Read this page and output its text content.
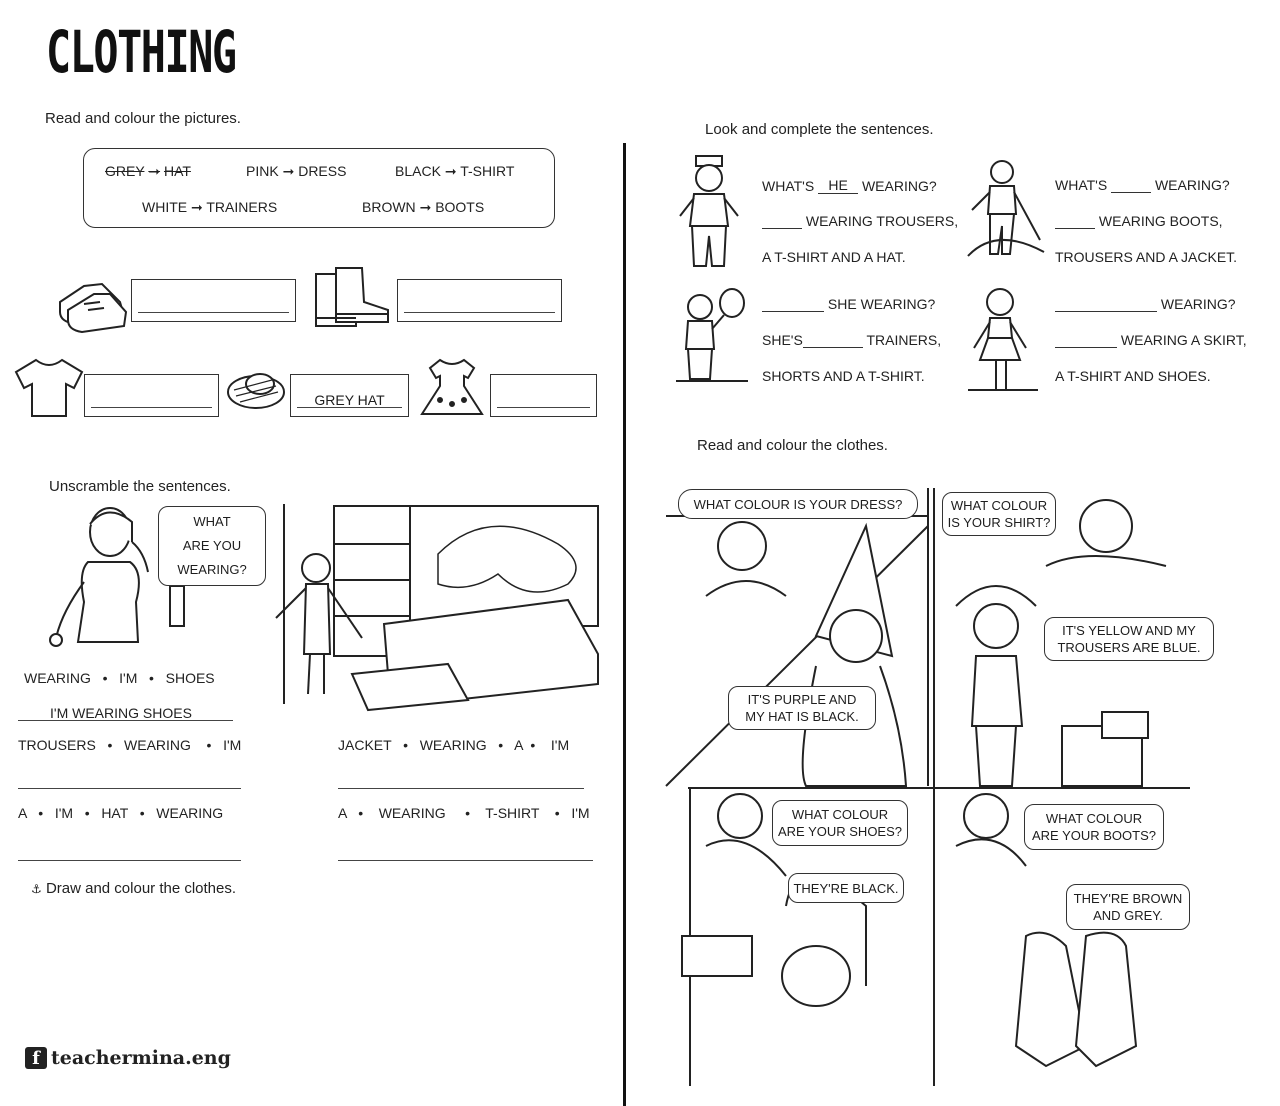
CLOTHING
Read and colour the pictures.
GREY ➞ HAT	PINK ➞ DRESS	BLACK ➞ T-SHIRT
WHITE ➞ TRAINERS	BROWN ➞ BOOTS
GREY HAT
Unscramble the sentences.
WHAT
ARE YOU
WEARING?
WEARING • I'M • SHOES
I'M WEARING SHOES
TROUSERS • WEARING • I'M	JACKET • WEARING • A • I'M
A • I'M • HAT • WEARING	A • WEARING • T-SHIRT • I'M
⚓ Draw and colour the clothes.
f teachermina.eng
Look and complete the sentences.
WHAT'S HE WEARING?
WEARING TROUSERS,
A T-SHIRT AND A HAT.
WHAT'S	WEARING?
WEARING BOOTS,
TROUSERS AND A JACKET.
SHE WEARING?
SHE'S	TRAINERS,
SHORTS AND A T-SHIRT.
WEARING?
WEARING A SKIRT,
A T-SHIRT AND SHOES.
Read and colour the clothes.
WHAT COLOUR IS YOUR DRESS?	WHAT COLOUR
IS YOUR SHIRT?
IT'S YELLOW AND MY
TROUSERS ARE BLUE.
IT'S PURPLE AND
MY HAT IS BLACK.
WHAT COLOUR
ARE YOUR SHOES?
THEY'RE BLACK.
WHAT COLOUR
ARE YOUR BOOTS?
THEY'RE BROWN
AND GREY.
